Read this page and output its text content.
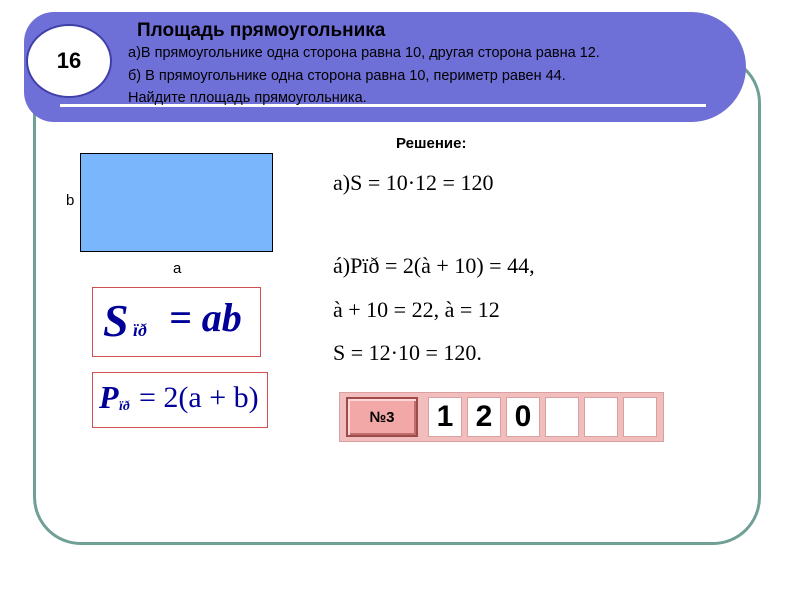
16
Площадь прямоугольника
а)В прямоугольнике одна сторона равна 10, другая сторона равна 12.
б) В прямоугольнике одна сторона равна 10, периметр равен 44.
Найдите площадь прямоугольника.
b
a
S ïð = ab
P ïð = 2(a + b)
Решение:
a)S = 10·12 = 120
á)Pïð = 2(à + 10) = 44,
à + 10 = 22, à = 12
S = 12·10 = 120.
№3	1 2 0
